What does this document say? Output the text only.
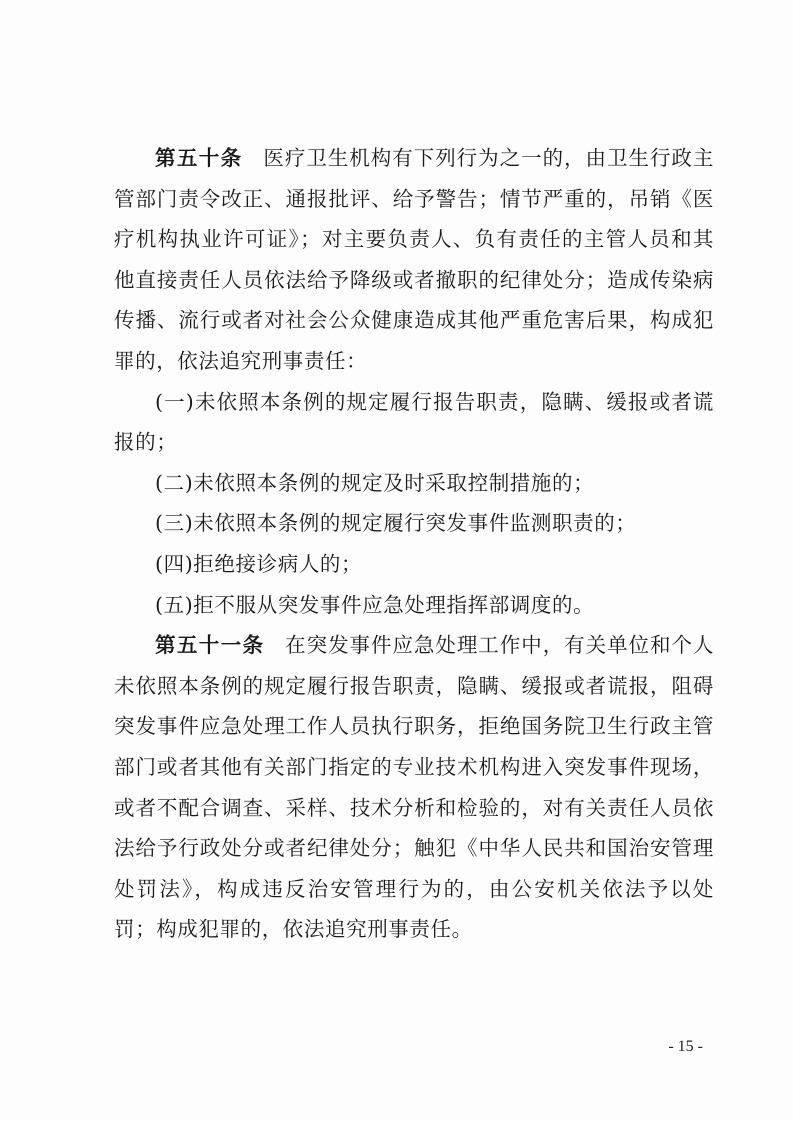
第五十条 医疗卫生机构有下列行为之一的，由卫生行政主管部门责令改正、通报批评、给予警告；情节严重的，吊销《医疗机构执业许可证》；对主要负责人、负有责任的主管人员和其他直接责任人员依法给予降级或者撤职的纪律处分；造成传染病传播、流行或者对社会公众健康造成其他严重危害后果，构成犯罪的，依法追究刑事责任：

(一)未依照本条例的规定履行报告职责，隐瞒、缓报或者谎报的；

(二)未依照本条例的规定及时采取控制措施的；

(三)未依照本条例的规定履行突发事件监测职责的；

(四)拒绝接诊病人的；

(五)拒不服从突发事件应急处理指挥部调度的。

第五十一条 在突发事件应急处理工作中，有关单位和个人未依照本条例的规定履行报告职责，隐瞒、缓报或者谎报，阻碍突发事件应急处理工作人员执行职务，拒绝国务院卫生行政主管部门或者其他有关部门指定的专业技术机构进入突发事件现场，或者不配合调查、采样、技术分析和检验的，对有关责任人员依法给予行政处分或者纪律处分；触犯《中华人民共和国治安管理处罚法》，构成违反治安管理行为的，由公安机关依法予以处罚；构成犯罪的，依法追究刑事责任。

- 15 -
